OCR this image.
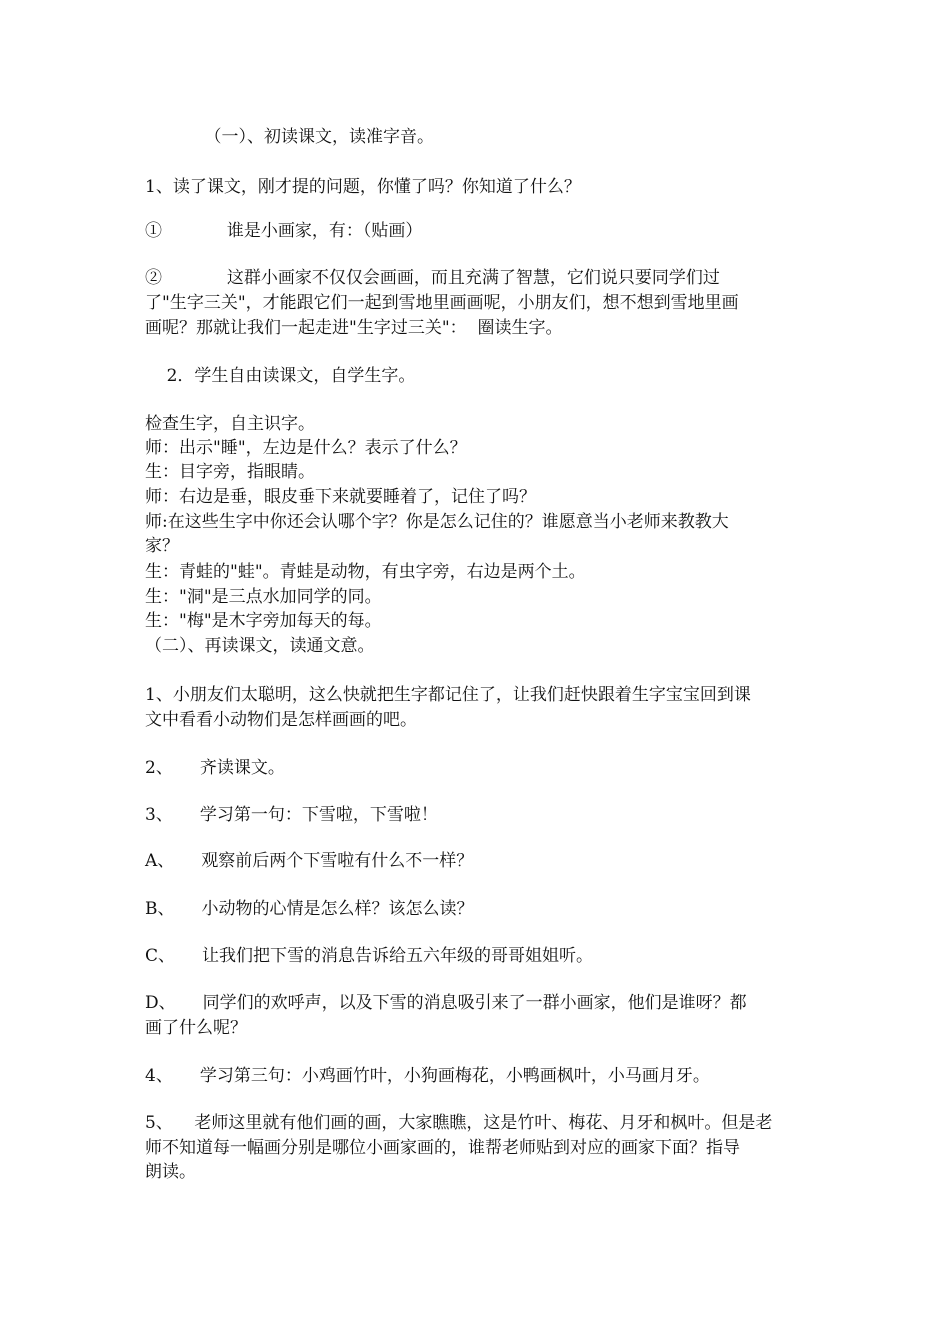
（一）、初读课文，读准字音。
1、读了课文，刚才提的问题，你懂了吗？你知道了什么？
①            谁是小画家，有：（贴画）
②            这群小画家不仅仅会画画，而且充满了智慧，它们说只要同学们过
了"生字三关"，才能跟它们一起到雪地里画画呢，小朋友们，想不想到雪地里画
画呢？那就让我们一起走进"生字过三关"：  圈读生字。
2．学生自由读课文，自学生字。
检查生字，自主识字。
师：出示"睡"，左边是什么？表示了什么？
生：目字旁，指眼睛。
师：右边是垂，眼皮垂下来就要睡着了，记住了吗？
师:在这些生字中你还会认哪个字？你是怎么记住的？谁愿意当小老师来教教大
家？
生：青蛙的"蛙"。青蛙是动物，有虫字旁，右边是两个土。
生："洞"是三点水加同学的同。
生："梅"是木字旁加每天的每。
（二）、再读课文，读通文意。
1、小朋友们太聪明，这么快就把生字都记住了，让我们赶快跟着生字宝宝回到课
文中看看小动物们是怎样画画的吧。
2、     齐读课文。
3、     学习第一句：下雪啦，下雪啦！
A、     观察前后两个下雪啦有什么不一样？
B、     小动物的心情是怎么样？该怎么读？
C、     让我们把下雪的消息告诉给五六年级的哥哥姐姐听。
D、     同学们的欢呼声，以及下雪的消息吸引来了一群小画家，他们是谁呀？都
画了什么呢？
4、     学习第三句：小鸡画竹叶，小狗画梅花，小鸭画枫叶，小马画月牙。
5、    老师这里就有他们画的画，大家瞧瞧，这是竹叶、梅花、月牙和枫叶。但是老
师不知道每一幅画分别是哪位小画家画的，谁帮老师贴到对应的画家下面？指导
朗读。
